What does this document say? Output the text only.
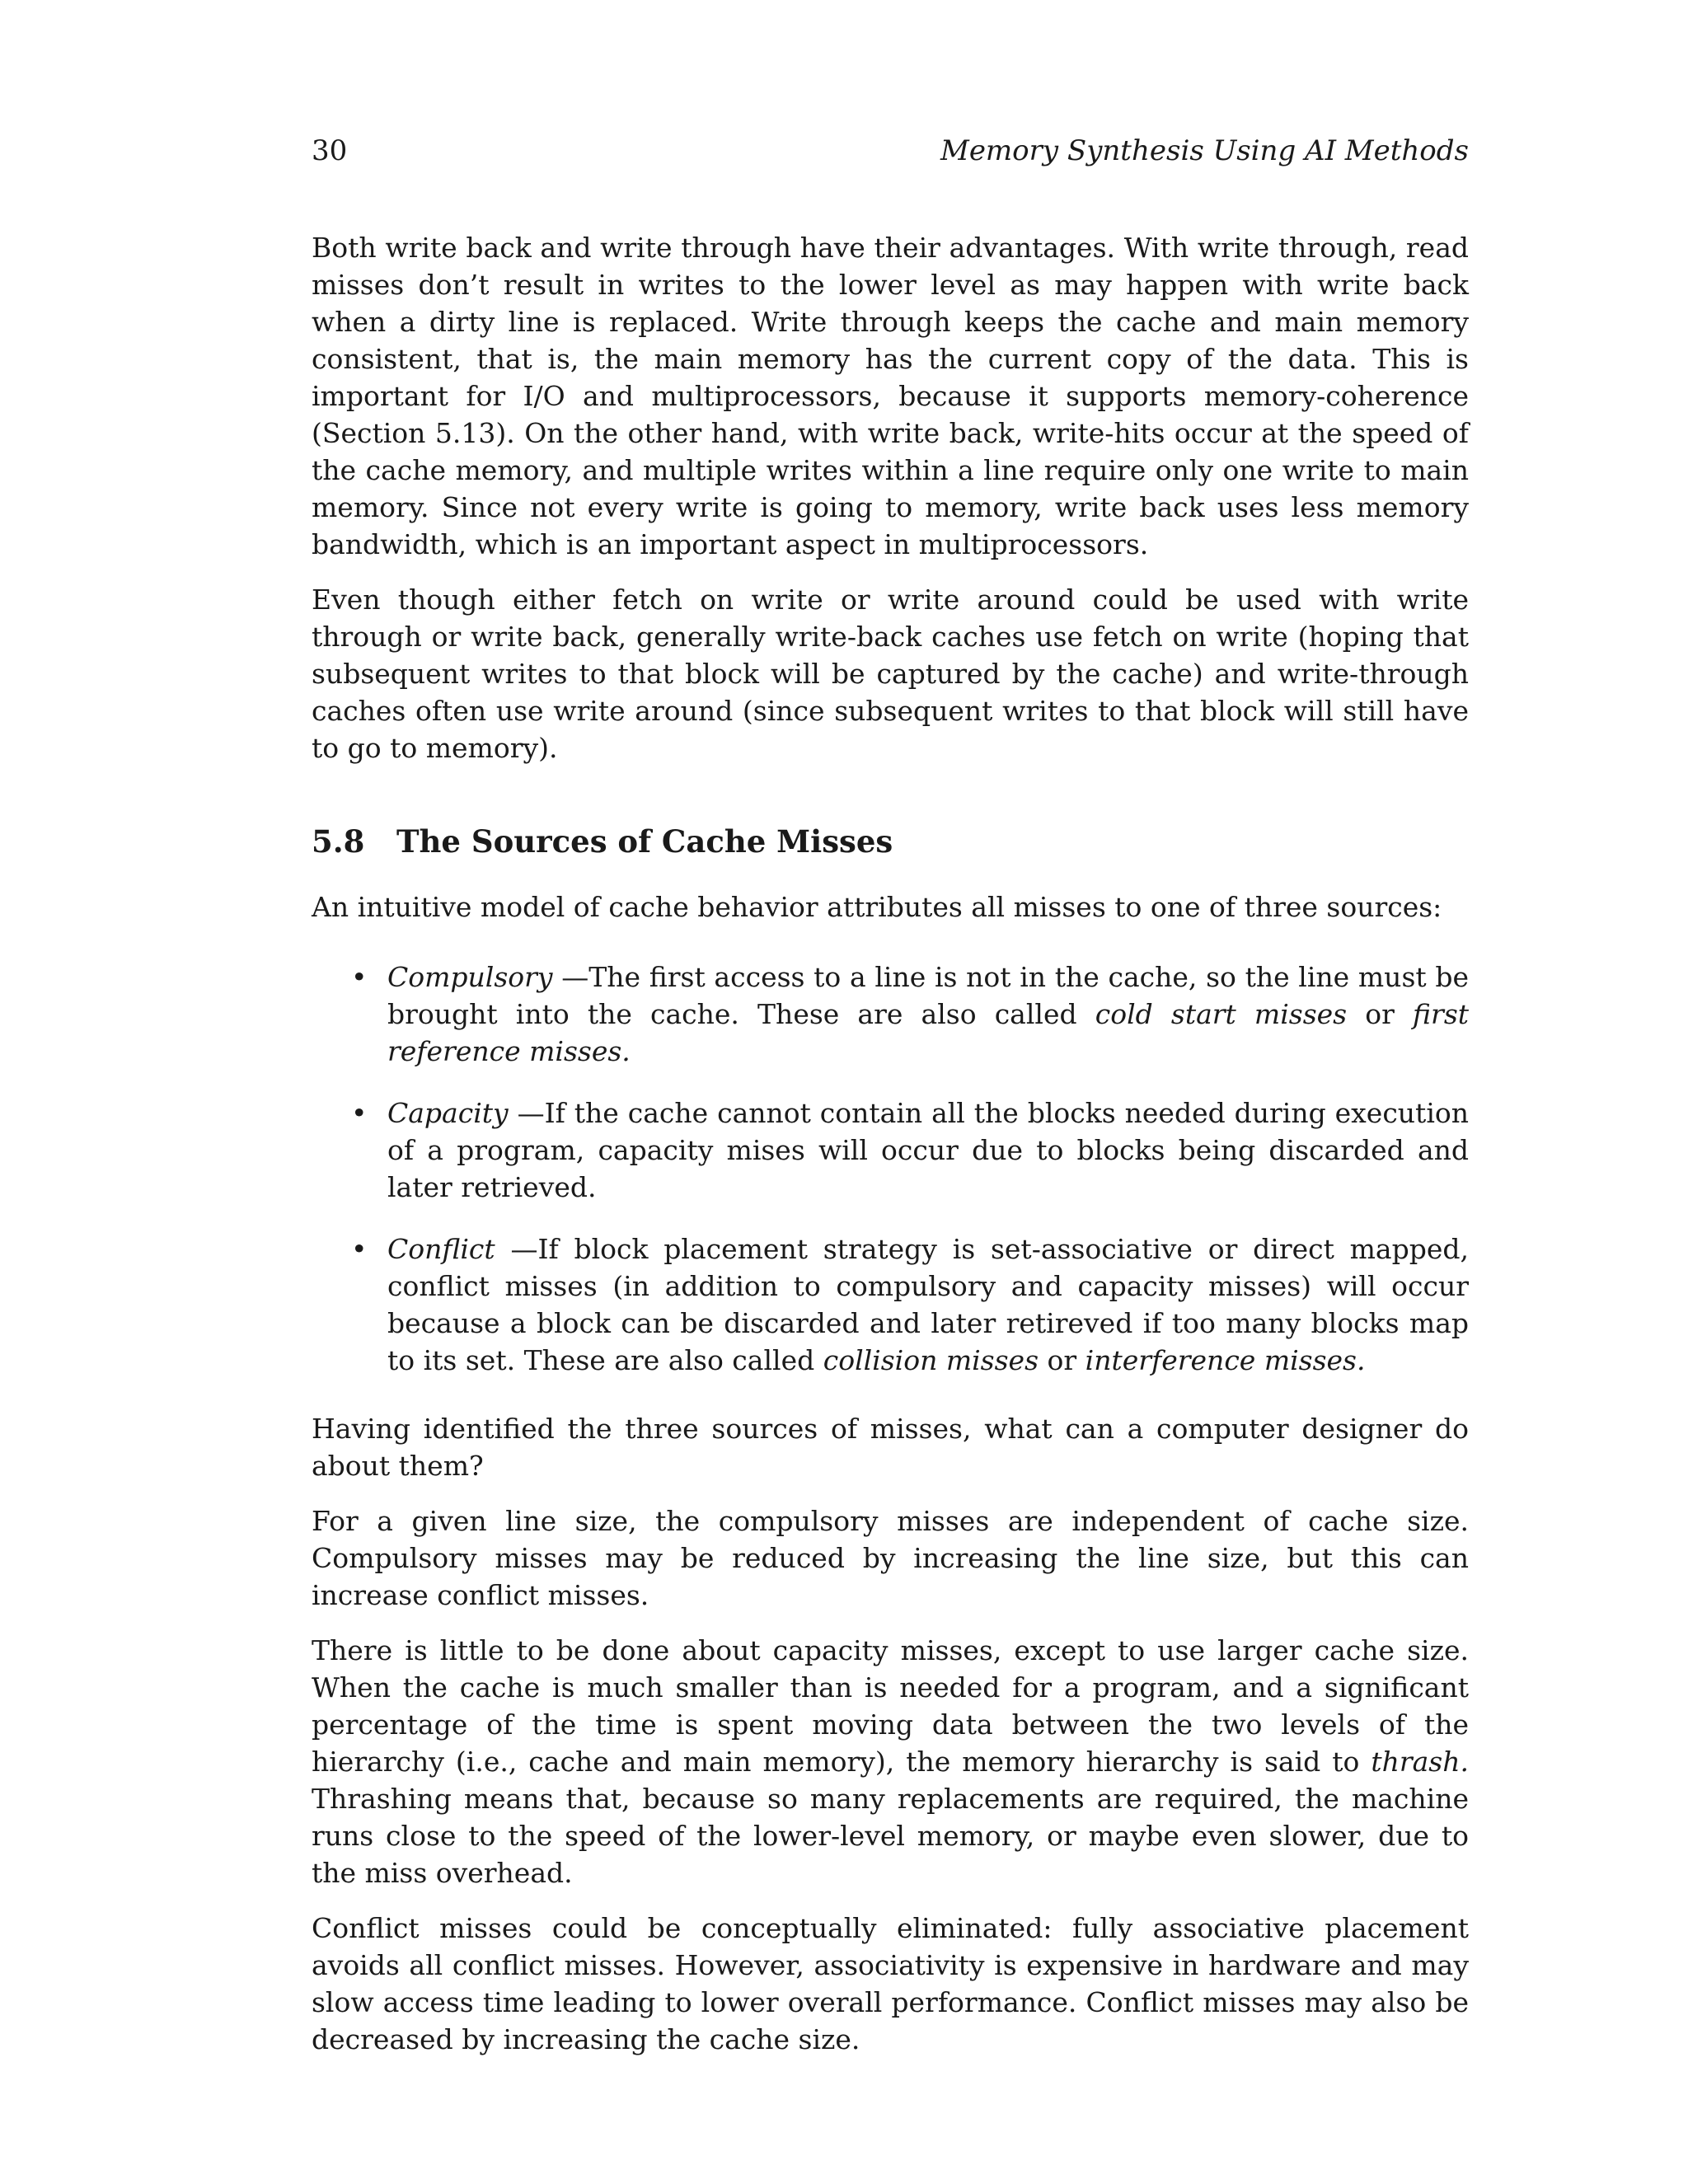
30	Memory Synthesis Using AI Methods

Both write back and write through have their advantages. With write through, read misses don’t result in writes to the lower level as may happen with write back when a dirty line is replaced. Write through keeps the cache and main memory consistent, that is, the main memory has the current copy of the data. This is important for I/O and multiprocessors, because it supports memory-coherence (Section 5.13). On the other hand, with write back, write-hits occur at the speed of the cache memory, and multiple writes within a line require only one write to main memory. Since not every write is going to memory, write back uses less memory bandwidth, which is an important aspect in multiprocessors.

Even though either fetch on write or write around could be used with write through or write back, generally write-back caches use fetch on write (hoping that subsequent writes to that block will be captured by the cache) and write-through caches often use write around (since subsequent writes to that block will still have to go to memory).

5.8 The Sources of Cache Misses

An intuitive model of cache behavior attributes all misses to one of three sources:

• Compulsory —The first access to a line is not in the cache, so the line must be brought into the cache. These are also called cold start misses or first reference misses.

• Capacity —If the cache cannot contain all the blocks needed during execution of a program, capacity mises will occur due to blocks being discarded and later retrieved.

• Conflict —If block placement strategy is set-associative or direct mapped, conflict misses (in addition to compulsory and capacity misses) will occur because a block can be discarded and later retireved if too many blocks map to its set. These are also called collision misses or interference misses.

Having identified the three sources of misses, what can a computer designer do about them?

For a given line size, the compulsory misses are independent of cache size. Compulsory misses may be reduced by increasing the line size, but this can increase conflict misses.

There is little to be done about capacity misses, except to use larger cache size. When the cache is much smaller than is needed for a program, and a significant percentage of the time is spent moving data between the two levels of the hierarchy (i.e., cache and main memory), the memory hierarchy is said to thrash. Thrashing means that, because so many replacements are required, the machine runs close to the speed of the lower-level memory, or maybe even slower, due to the miss overhead.

Conflict misses could be conceptually eliminated: fully associative placement avoids all conflict misses. However, associativity is expensive in hardware and may slow access time leading to lower overall performance. Conflict misses may also be decreased by increasing the cache size.
